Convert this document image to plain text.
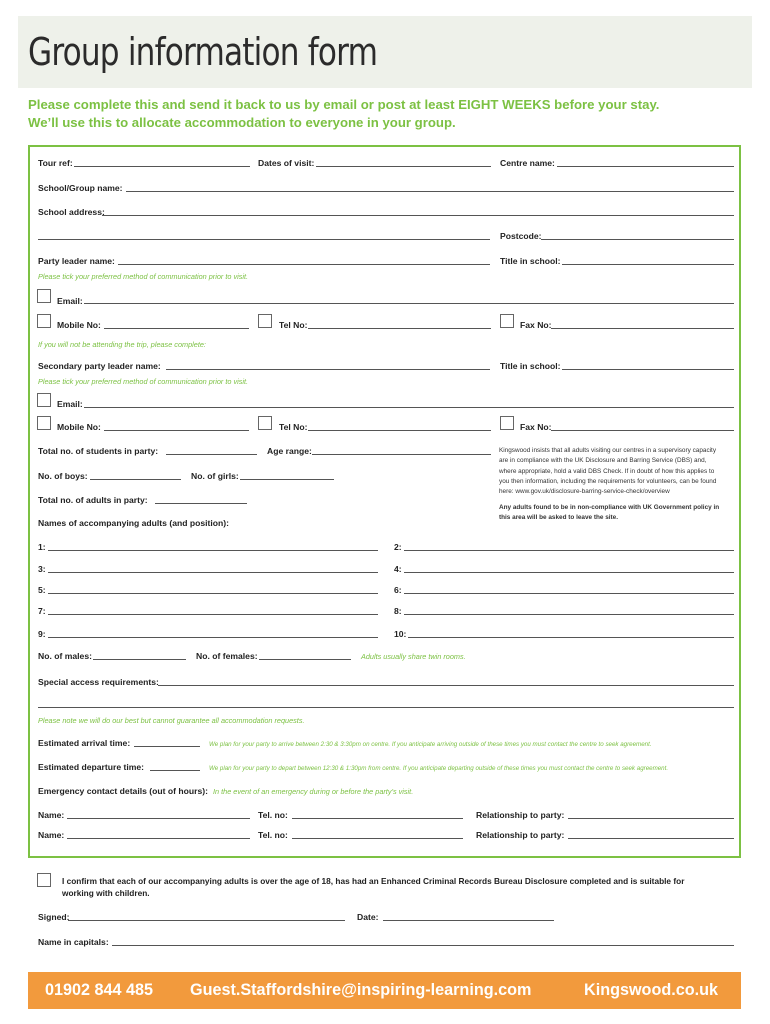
Group information form
Please complete this and send it back to us by email or post at least EIGHT WEEKS before your stay.
We’ll use this to allocate accommodation to everyone in your group.
Tour ref:	Dates of visit:	Centre name:
School/Group name:
School address:
Postcode:
Party leader name:	Title in school:
Please tick your preferred method of communication prior to visit.
Email:
Mobile No:	Tel No:	Fax No:
If you will not be attending the trip, please complete:
Secondary party leader name:	Title in school:
Please tick your preferred method of communication prior to visit.
Email:
Mobile No:	Tel No:	Fax No:
Total no. of students in party:	Age range:	Kingswood insists that all adults visiting our centres in a supervisory capacity
are in compliance with the UK Disclosure and Barring Service (DBS) and,
where appropriate, hold a valid DBS Check. If in doubt of how this applies to
you then information, including the requirements for volunteers, can be found
here: www.gov.uk/disclosure-barring-service-check/overview
Any adults found to be in non-compliance with UK Government policy in
this area will be asked to leave the site.
No. of boys:	No. of girls:
Total no. of adults in party:
Names of accompanying adults (and position):
1:	2:
3:	4:
5:	6:
7:	8:
9:	10:
No. of males:	No. of females:	Adults usually share twin rooms.
Special access requirements:
Please note we will do our best but cannot guarantee all accommodation requests.
Estimated arrival time:	We plan for your party to arrive between 2:30 & 3:30pm on centre. If you anticipate arriving outside of these times you must contact the centre to seek agreement.
Estimated departure time:	We plan for your party to depart between 12:30 & 1:30pm from centre. If you anticipate departing outside of these times you must contact the centre to seek agreement.
Emergency contact details (out of hours): In the event of an emergency during or before the party’s visit.
Name:	Tel. no:	Relationship to party:
Name:	Tel. no:	Relationship to party:
I confirm that each of our accompanying adults is over the age of 18, has had an Enhanced Criminal Records Bureau Disclosure completed and is suitable for
working with children.
Signed:	Date:
Name in capitals:
01902 844 485 Guest.Staffordshire@inspiring-learning.com	Kingswood.co.uk
